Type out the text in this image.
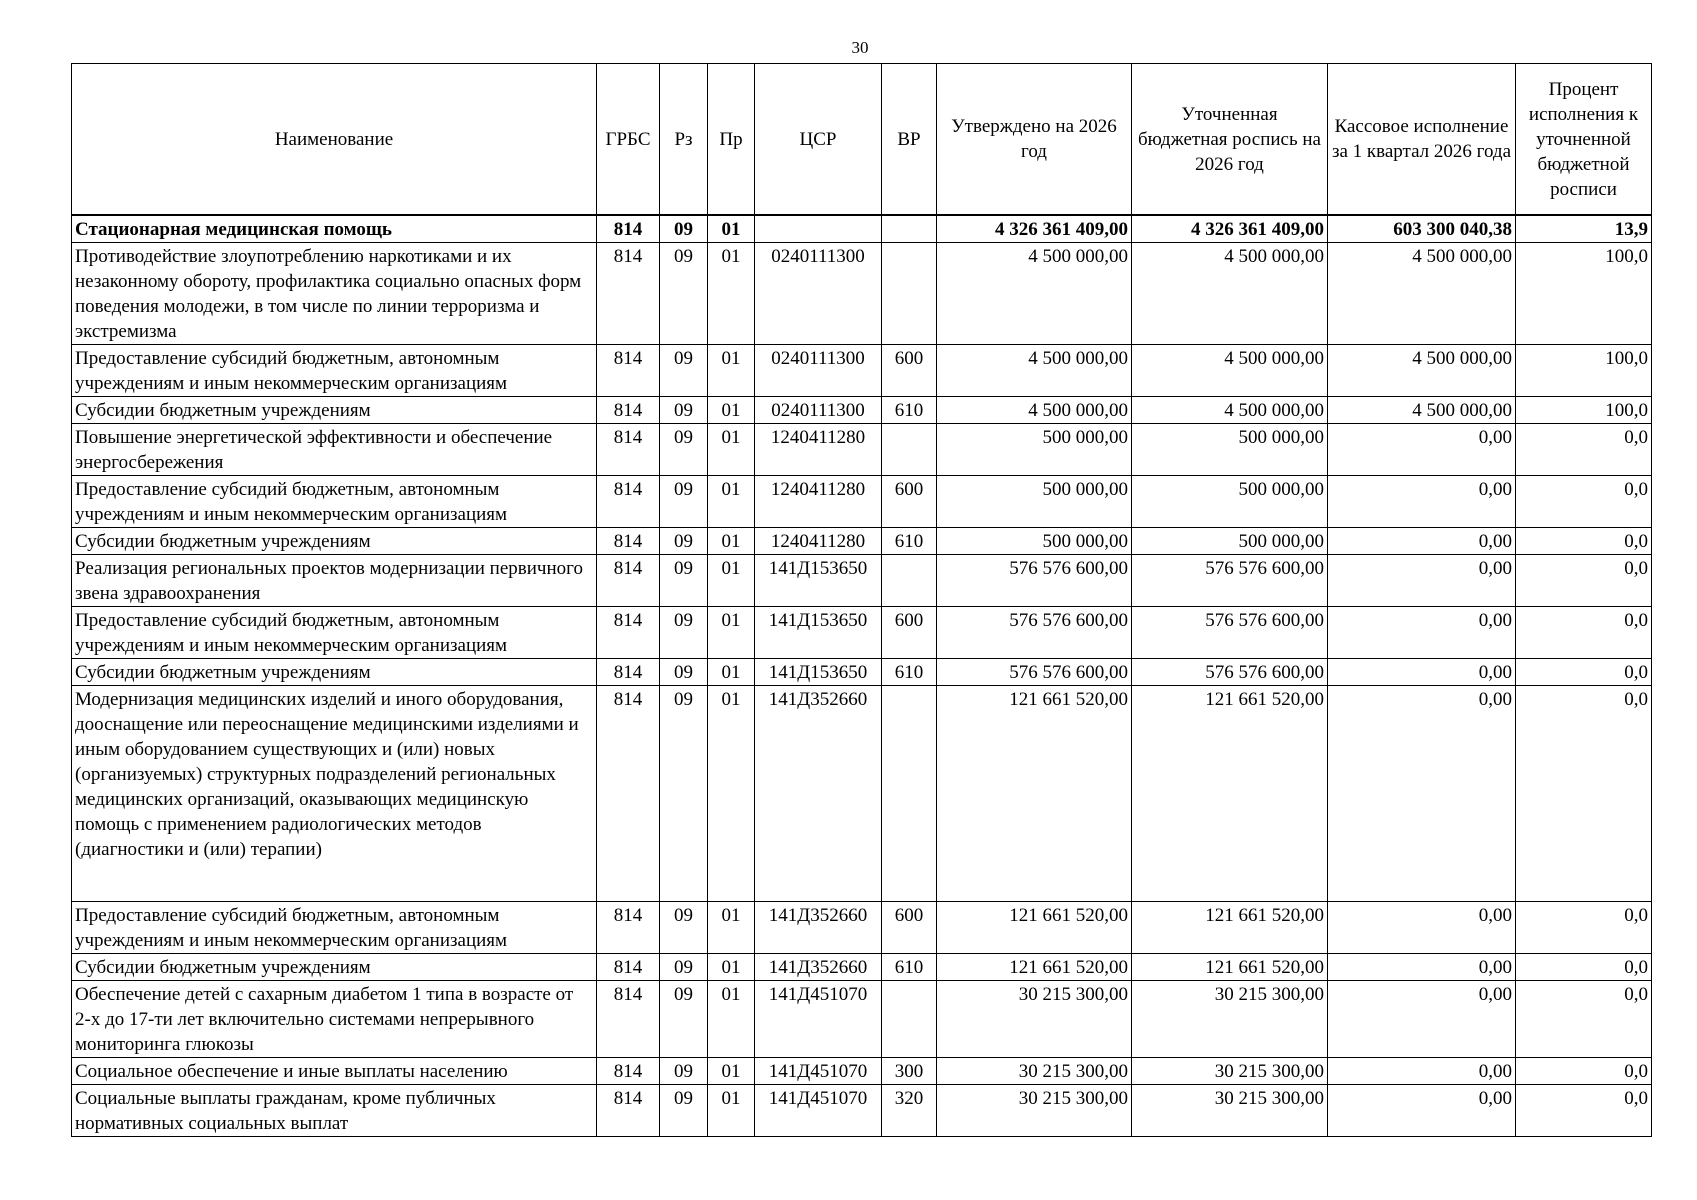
30
Наименование	ГРБС	Рз	Пр	ЦСР	ВР	Утверждено на 2026 год	Уточненная бюджетная роспись на 2026 год	Кассовое исполнение за 1 квартал 2026 года	Процент исполнения к уточненной бюджетной росписи
Стационарная медицинская помощь	814	09	01			4 326 361 409,00	4 326 361 409,00	603 300 040,38	13,9
Противодействие злоупотреблению наркотиками и их незаконному обороту, профилактика социально опасных форм поведения молодежи, в том числе по линии терроризма и экстремизма	814	09	01	0240111300		4 500 000,00	4 500 000,00	4 500 000,00	100,0
Предоставление субсидий бюджетным, автономным учреждениям и иным некоммерческим организациям	814	09	01	0240111300	600	4 500 000,00	4 500 000,00	4 500 000,00	100,0
Субсидии бюджетным учреждениям	814	09	01	0240111300	610	4 500 000,00	4 500 000,00	4 500 000,00	100,0
Повышение энергетической эффективности и обеспечение энергосбережения	814	09	01	1240411280		500 000,00	500 000,00	0,00	0,0
Предоставление субсидий бюджетным, автономным учреждениям и иным некоммерческим организациям	814	09	01	1240411280	600	500 000,00	500 000,00	0,00	0,0
Субсидии бюджетным учреждениям	814	09	01	1240411280	610	500 000,00	500 000,00	0,00	0,0
Реализация региональных проектов модернизации первичного звена здравоохранения	814	09	01	141Д153650		576 576 600,00	576 576 600,00	0,00	0,0
Предоставление субсидий бюджетным, автономным учреждениям и иным некоммерческим организациям	814	09	01	141Д153650	600	576 576 600,00	576 576 600,00	0,00	0,0
Субсидии бюджетным учреждениям	814	09	01	141Д153650	610	576 576 600,00	576 576 600,00	0,00	0,0
Модернизация медицинских изделий и иного оборудования, дооснащение или переоснащение медицинскими изделиями и иным оборудованием существующих и (или) новых (организуемых) структурных подразделений региональных медицинских организаций, оказывающих медицинскую помощь с применением радиологических методов (диагностики и (или) терапии)	814	09	01	141Д352660		121 661 520,00	121 661 520,00	0,00	0,0
Предоставление субсидий бюджетным, автономным учреждениям и иным некоммерческим организациям	814	09	01	141Д352660	600	121 661 520,00	121 661 520,00	0,00	0,0
Субсидии бюджетным учреждениям	814	09	01	141Д352660	610	121 661 520,00	121 661 520,00	0,00	0,0
Обеспечение детей с сахарным диабетом 1 типа в возрасте от 2-х до 17-ти лет включительно системами непрерывного мониторинга глюкозы	814	09	01	141Д451070		30 215 300,00	30 215 300,00	0,00	0,0
Социальное обеспечение и иные выплаты населению	814	09	01	141Д451070	300	30 215 300,00	30 215 300,00	0,00	0,0
Социальные выплаты гражданам, кроме публичных нормативных социальных выплат	814	09	01	141Д451070	320	30 215 300,00	30 215 300,00	0,00	0,0
